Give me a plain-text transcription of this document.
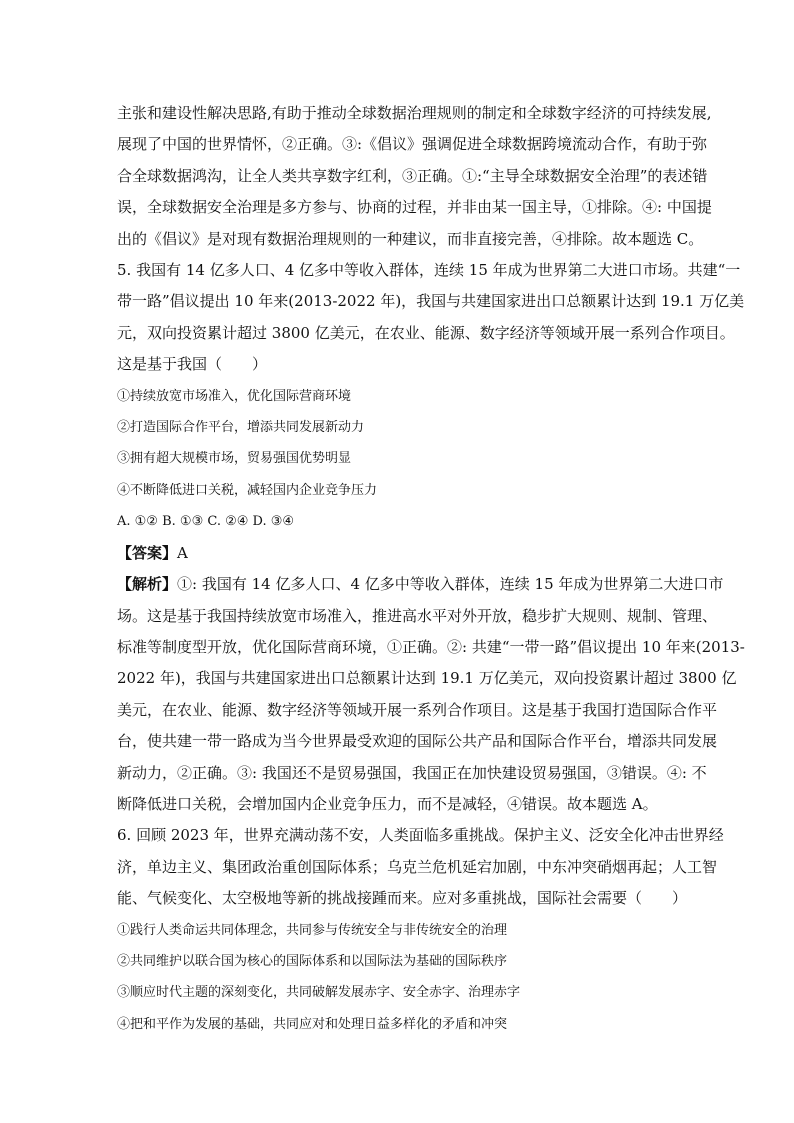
主张和建设性解决思路,有助于推动全球数据治理规则的制定和全球数字经济的可持续发展,
展现了中国的世界情怀，②正确。③:《倡议》强调促进全球数据跨境流动合作，有助于弥
合全球数据鸿沟，让全人类共享数字红利，③正确。①:“主导全球数据安全治理”的表述错
误，全球数据安全治理是多方参与、协商的过程，并非由某一国主导，①排除。④: 中国提
出的《倡议》是对现有数据治理规则的一种建议，而非直接完善，④排除。故本题选 C。
5. 我国有 14 亿多人口、4 亿多中等收入群体，连续 15 年成为世界第二大进口市场。共建“一
带一路”倡议提出 10 年来(2013-2022 年)，我国与共建国家进出口总额累计达到 19.1 万亿美
元，双向投资累计超过 3800 亿美元，在农业、能源、数字经济等领域开展一系列合作项目。
这是基于我国（　　）
①持续放宽市场准入，优化国际营商环境
②打造国际合作平台，增添共同发展新动力
③拥有超大规模市场，贸易强国优势明显
④不断降低进口关税，减轻国内企业竞争压力
A. ①② B. ①③ C. ②④ D. ③④
【答案】A
【解析】①: 我国有 14 亿多人口、4 亿多中等收入群体，连续 15 年成为世界第二大进口市
场。这是基于我国持续放宽市场准入，推进高水平对外开放，稳步扩大规则、规制、管理、
标准等制度型开放，优化国际营商环境，①正确。②: 共建“一带一路”倡议提出 10 年来(2013-
2022 年)，我国与共建国家进出口总额累计达到 19.1 万亿美元，双向投资累计超过 3800 亿
美元，在农业、能源、数字经济等领域开展一系列合作项目。这是基于我国打造国际合作平
台，使共建一带一路成为当今世界最受欢迎的国际公共产品和国际合作平台，增添共同发展
新动力，②正确。③: 我国还不是贸易强国，我国正在加快建设贸易强国，③错误。④: 不
断降低进口关税，会增加国内企业竞争压力，而不是减轻，④错误。故本题选 A。
6. 回顾 2023 年，世界充满动荡不安，人类面临多重挑战。保护主义、泛安全化冲击世界经
济，单边主义、集团政治重创国际体系；乌克兰危机延宕加剧，中东冲突硝烟再起；人工智
能、气候变化、太空极地等新的挑战接踵而来。应对多重挑战，国际社会需要（　　）
①践行人类命运共同体理念，共同参与传统安全与非传统安全的治理
②共同维护以联合国为核心的国际体系和以国际法为基础的国际秩序
③顺应时代主题的深刻变化，共同破解发展赤字、安全赤字、治理赤字
④把和平作为发展的基础，共同应对和处理日益多样化的矛盾和冲突
